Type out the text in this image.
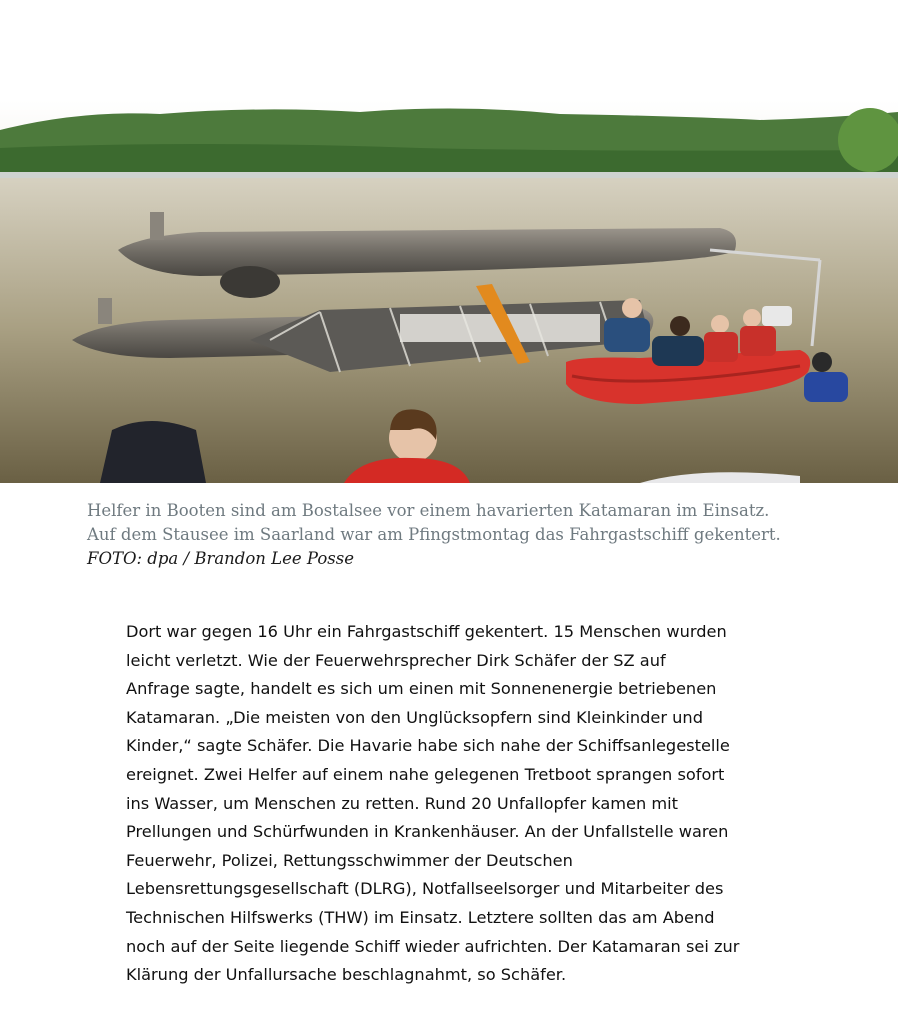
Helfer in Booten sind am Bostalsee vor einem havarierten Katamaran im Einsatz.

Auf dem Stausee im Saarland war am Pfingstmontag das Fahrgastschiff gekentert.

FOTO: dpa / Brandon Lee Posse

Dort war gegen 16 Uhr ein Fahrgastschiff gekentert. 15 Menschen wurden

leicht verletzt. Wie der Feuerwehrsprecher Dirk Schäfer der SZ auf

Anfrage sagte, handelt es sich um einen mit Sonnenenergie betriebenen

Katamaran. „Die meisten von den Unglücksopfern sind Kleinkinder und

Kinder,“ sagte Schäfer. Die Havarie habe sich nahe der Schiffsanlegestelle

ereignet. Zwei Helfer auf einem nahe gelegenen Tretboot sprangen sofort

ins Wasser, um Menschen zu retten. Rund 20 Unfallopfer kamen mit

Prellungen und Schürfwunden in Krankenhäuser. An der Unfallstelle waren

Feuerwehr, Polizei, Rettungsschwimmer der Deutschen

Lebensrettungsgesellschaft (DLRG), Notfallseelsorger und Mitarbeiter des

Technischen Hilfswerks (THW) im Einsatz. Letztere sollten das am Abend

noch auf der Seite liegende Schiff wieder aufrichten. Der Katamaran sei zur

Klärung der Unfallursache beschlagnahmt, so Schäfer.
